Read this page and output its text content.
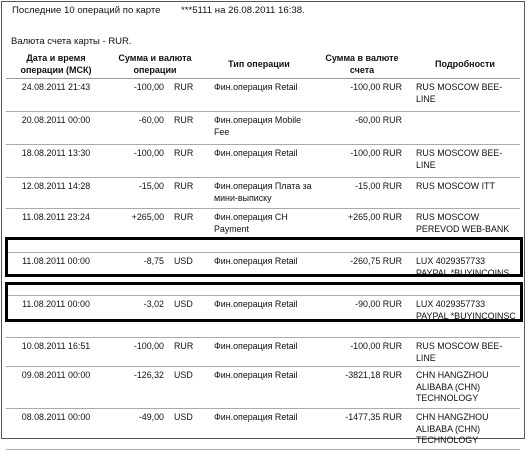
Последние 10 операций по карте ***5111 на 26.08.2011 16:38.
Валюта счета карты - RUR.
Дата и время операции (МСК)	Сумма и валюта операции		Тип операции	Сумма в валюте счета	Подробности
24.08.2011 21:43	-100,00	RUR	Фин.операция Retail	-100,00 RUR	RUS MOSCOW BEE-LINE
20.08.2011 00:00	-60,00	RUR	Фин.операция Mobile Fee	-60,00 RUR	
18.08.2011 13:30	-100,00	RUR	Фин.операция Retail	-100,00 RUR	RUS MOSCOW BEE-LINE
12.08.2011 14:28	-15,00	RUR	Фин.операция Плата за мини-выписку	-15,00 RUR	RUS MOSCOW ITT
11.08.2011 23:24	+265,00	RUR	Фин.операция CH Payment	+265,00 RUR	RUS MOSCOW PEREVOD WEB-BANK
11.08.2011 00:00	-8,75	USD	Фин.операция Retail	-260,75 RUR	LUX 4029357733 PAYPAL *BUYINCOINS
11.08.2011 00:00	-3,02	USD	Фин.операция Retail	-90,00 RUR	LUX 4029357733 PAYPAL *BUYINCOINSC
10.08.2011 16:51	-100,00	RUR	Фин.операция Retail	-100,00 RUR	RUS MOSCOW BEE-LINE
09.08.2011 00:00	-126,32	USD	Фин.операция Retail	-3821,18 RUR	CHN HANGZHOU ALIBABA (CHN) TECHNOLOGY
08.08.2011 00:00	-49,00	USD	Фин.операция Retail	-1477,35 RUR	CHN HANGZHOU ALIBABA (CHN) TECHNOLOGY
